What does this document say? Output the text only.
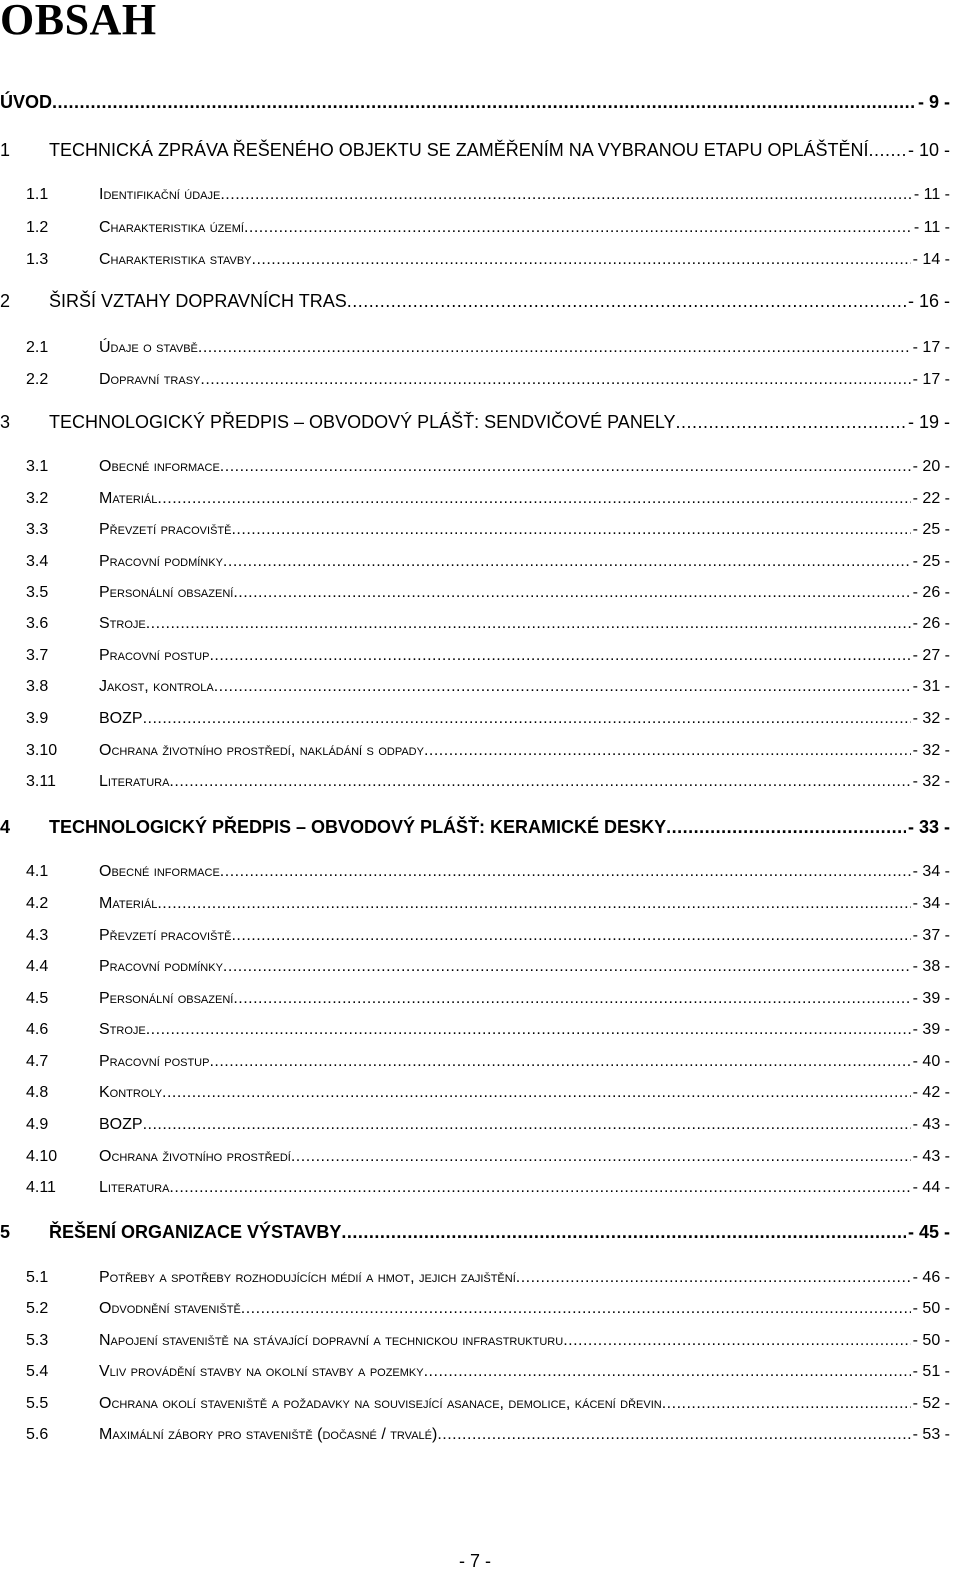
OBSAH
ÚVOD .....	- 9 -
1	TECHNICKÁ ZPRÁVA ŘEŠENÉHO OBJEKTU SE ZAMĚŘENÍM NA VYBRANOU ETAPU OPLÁŠTĚNÍ ..... - 10 -
1.1	Identifikační údaje .....	- 11 -
1.2	Charakteristika území .....	- 11 -
1.3	Charakteristika stavby .....	- 14 -
2	ŠIRŠÍ VZTAHY DOPRAVNÍCH TRAS .....	- 16 -
2.1	Údaje o stavbě .....	- 17 -
2.2	Dopravní trasy .....	- 17 -
3	TECHNOLOGICKÝ PŘEDPIS – OBVODOVÝ PLÁŠŤ: SENDVIČOVÉ PANELY .....	- 19 -
3.1	Obecné informace .....	- 20 -
3.2	Materiál .....	- 22 -
3.3	Převzetí pracoviště .....	- 25 -
3.4	Pracovní podmínky .....	- 25 -
3.5	Personální obsazení .....	- 26 -
3.6	Stroje .....	- 26 -
3.7	Pracovní postup .....	- 27 -
3.8	Jakost, kontrola .....	- 31 -
3.9	BOZP .....	- 32 -
3.10	Ochrana životního prostředí, nakládání s odpady .....	- 32 -
3.11	Literatura .....	- 32 -
4	TECHNOLOGICKÝ PŘEDPIS – OBVODOVÝ PLÁŠŤ: KERAMICKÉ DESKY .....	- 33 -
4.1	Obecné informace .....	- 34 -
4.2	Materiál .....	- 34 -
4.3	Převzetí pracoviště .....	- 37 -
4.4	Pracovní podmínky .....	- 38 -
4.5	Personální obsazení .....	- 39 -
4.6	Stroje .....	- 39 -
4.7	Pracovní postup .....	- 40 -
4.8	Kontroly .....	- 42 -
4.9	BOZP .....	- 43 -
4.10	Ochrana životního prostředí .....	- 43 -
4.11	Literatura .....	- 44 -
5	ŘEŠENÍ ORGANIZACE VÝSTAVBY .....	- 45 -
5.1	Potřeby a spotřeby rozhodujících médií a hmot, jejich zajištění .....	- 46 -
5.2	Odvodnění staveniště .....	- 50 -
5.3	Napojení staveniště na stávající dopravní a technickou infrastrukturu .....	- 50 -
5.4	Vliv provádění stavby na okolní stavby a pozemky .....	- 51 -
5.5	Ochrana okolí staveniště a požadavky na související asanace, demolice, kácení dřevin .....	- 52 -
5.6	Maximální zábory pro staveniště (dočasné / trvalé) .....	- 53 -
- 7 -
